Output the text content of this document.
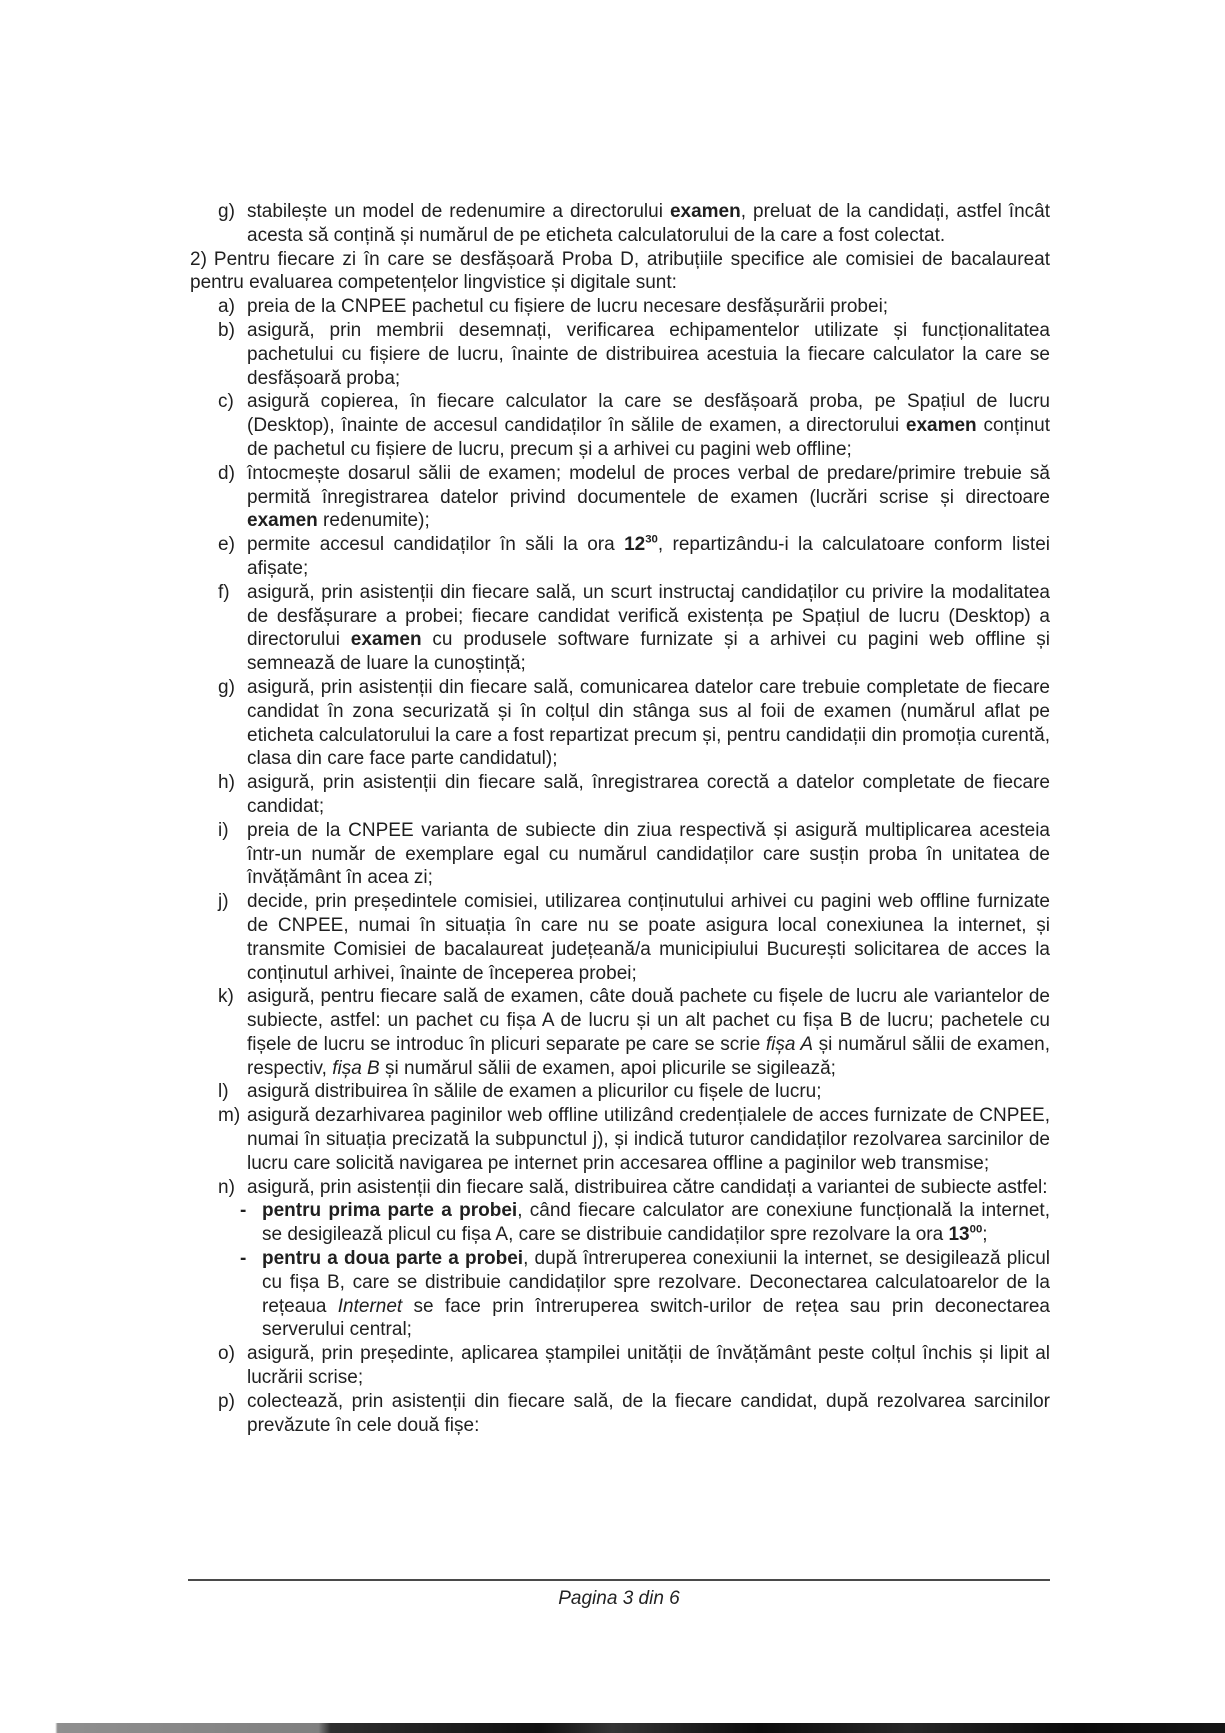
g) stabilește un model de redenumire a directorului examen, preluat de la candidați, astfel încât acesta să conțină și numărul de pe eticheta calculatorului de la care a fost colectat.
2) Pentru fiecare zi în care se desfășoară Proba D, atribuțiile specifice ale comisiei de bacalaureat pentru evaluarea competențelor lingvistice și digitale sunt:
a) preia de la CNPEE pachetul cu fișiere de lucru necesare desfășurării probei;
b) asigură, prin membrii desemnați, verificarea echipamentelor utilizate și funcționalitatea pachetului cu fișiere de lucru, înainte de distribuirea acestuia la fiecare calculator la care se desfășoară proba;
c) asigură copierea, în fiecare calculator la care se desfășoară proba, pe Spațiul de lucru (Desktop), înainte de accesul candidaților în sălile de examen, a directorului examen conținut de pachetul cu fișiere de lucru, precum și a arhivei cu pagini web offline;
d) întocmește dosarul sălii de examen; modelul de proces verbal de predare/primire trebuie să permită înregistrarea datelor privind documentele de examen (lucrări scrise și directoare examen redenumite);
e) permite accesul candidaților în săli la ora $12^{30}$, repartizându-i la calculatoare conform listei afișate;
f) asigură, prin asistenții din fiecare sală, un scurt instructaj candidaților cu privire la modalitatea de desfășurare a probei; fiecare candidat verifică existența pe Spațiul de lucru (Desktop) a directorului examen cu produsele software furnizate și a arhivei cu pagini web offline și semnează de luare la cunoștință;
g) asigură, prin asistenții din fiecare sală, comunicarea datelor care trebuie completate de fiecare candidat în zona securizată și în colțul din stânga sus al foii de examen (numărul aflat pe eticheta calculatorului la care a fost repartizat precum și, pentru candidații din promoția curentă, clasa din care face parte candidatul);
h) asigură, prin asistenții din fiecare sală, înregistrarea corectă a datelor completate de fiecare candidat;
i) preia de la CNPEE varianta de subiecte din ziua respectivă și asigură multiplicarea acesteia într-un număr de exemplare egal cu numărul candidaților care susțin proba în unitatea de învățământ în acea zi;
j) decide, prin președintele comisiei, utilizarea conținutului arhivei cu pagini web offline furnizate de CNPEE, numai în situația în care nu se poate asigura local conexiunea la internet, și transmite Comisiei de bacalaureat județeană/a municipiului București solicitarea de acces la conținutul arhivei, înainte de începerea probei;
k) asigură, pentru fiecare sală de examen, câte două pachete cu fișele de lucru ale variantelor de subiecte, astfel: un pachet cu fișa A de lucru și un alt pachet cu fișa B de lucru; pachetele cu fișele de lucru se introduc în plicuri separate pe care se scrie fișa A și numărul sălii de examen, respectiv, fișa B și numărul sălii de examen, apoi plicurile se sigilează;
l) asigură distribuirea în sălile de examen a plicurilor cu fișele de lucru;
m) asigură dezarhivarea paginilor web offline utilizând credențialele de acces furnizate de CNPEE, numai în situația precizată la subpunctul j), și indică tuturor candidaților rezolvarea sarcinilor de lucru care solicită navigarea pe internet prin accesarea offline a paginilor web transmise;
n) asigură, prin asistenții din fiecare sală, distribuirea către candidați a variantei de subiecte astfel:
- pentru prima parte a probei, când fiecare calculator are conexiune funcțională la internet, se desigilează plicul cu fișa A, care se distribuie candidaților spre rezolvare la ora $13^{00}$;
- pentru a doua parte a probei, după întreruperea conexiunii la internet, se desigilează plicul cu fișa B, care se distribuie candidaților spre rezolvare. Deconectarea calculatoarelor de la rețeaua Internet se face prin întreruperea switch-urilor de rețea sau prin deconectarea serverului central;
o) asigură, prin președinte, aplicarea ștampilei unității de învățământ peste colțul închis și lipit al lucrării scrise;
p) colectează, prin asistenții din fiecare sală, de la fiecare candidat, după rezolvarea sarcinilor prevăzute în cele două fișe:
Pagina 3 din 6
